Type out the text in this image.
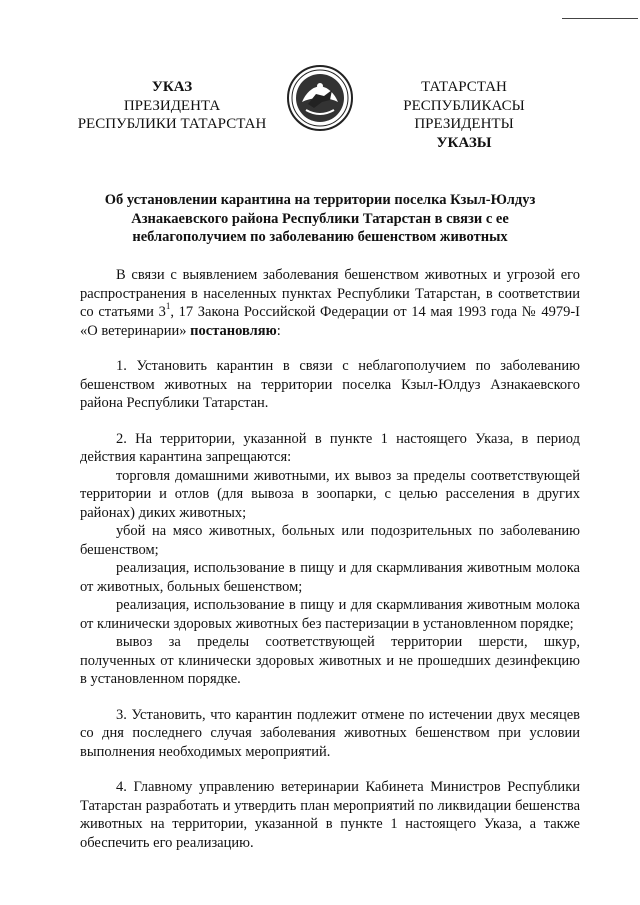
УКАЗ
ПРЕЗИДЕНТА
РЕСПУБЛИКИ ТАТАРСТАН
ТАТАРСТАН РЕСПУБЛИКАСЫ
ПРЕЗИДЕНТЫ
УКАЗЫ
Об установлении карантина на территории поселка Кзыл-Юлдуз
Азнакаевского района Республики Татарстан в связи с ее
неблагополучием по заболеванию бешенством животных

В связи с выявлением заболевания бешенством животных и угрозой его распространения в населенных пунктах Республики Татарстан, в соответствии со статьями $3^1$, 17 Закона Российской Федерации от 14 мая 1993 года № 4979-I «О ветеринарии» постановляю:

1. Установить карантин в связи с неблагополучием по заболеванию бешенством животных на территории поселка Кзыл-Юлдуз Азнакаевского района Республики Татарстан.

2. На территории, указанной в пункте 1 настоящего Указа, в период действия карантина запрещаются:

торговля домашними животными, их вывоз за пределы соответствующей территории и отлов (для вывоза в зоопарки, с целью расселения в других районах) диких животных;

убой на мясо животных, больных или подозрительных по заболеванию бешенством;

реализация, использование в пищу и для скармливания животным молока от животных, больных бешенством;

реализация, использование в пищу и для скармливания животным молока от клинически здоровых животных без пастеризации в установленном порядке;

вывоз за пределы соответствующей территории шерсти, шкур, полученных от клинически здоровых животных и не прошедших дезинфекцию в установленном порядке.

3. Установить, что карантин подлежит отмене по истечении двух месяцев со дня последнего случая заболевания животных бешенством при условии выполнения необходимых мероприятий.

4. Главному управлению ветеринарии Кабинета Министров Республики Татарстан разработать и утвердить план мероприятий по ликвидации бешенства животных на территории, указанной в пункте 1 настоящего Указа, а также обеспечить его реализацию.
